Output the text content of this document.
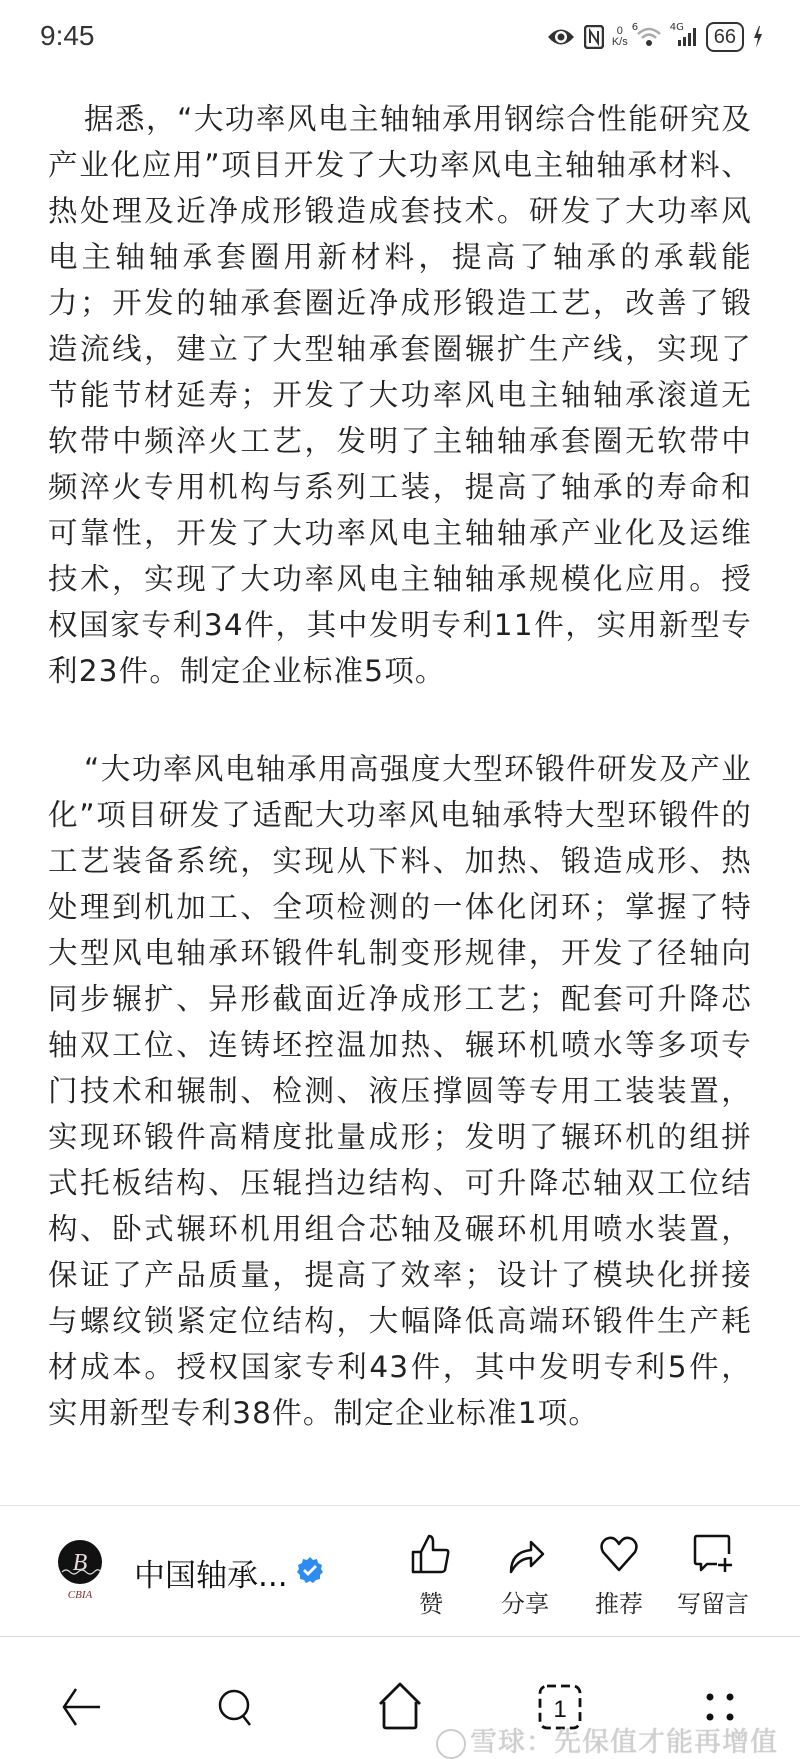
9:45	0
K/s
6	4G	66

据悉，“大功率风电主轴轴承用钢综合性能研究及产业化应用”项目开发了大功率风电主轴轴承材料、热处理及近净成形锻造成套技术。研发了大功率风电主轴轴承套圈用新材料，提高了轴承的承载能力；开发的轴承套圈近净成形锻造工艺，改善了锻造流线，建立了大型轴承套圈辗扩生产线，实现了节能节材延寿；开发了大功率风电主轴轴承滚道无软带中频淬火工艺，发明了主轴轴承套圈无软带中频淬火专用机构与系列工装，提高了轴承的寿命和可靠性，开发了大功率风电主轴轴承产业化及运维技术，实现了大功率风电主轴轴承规模化应用。授权国家专利34件，其中发明专利11件，实用新型专利23件。制定企业标准5项。

“大功率风电轴承用高强度大型环锻件研发及产业化”项目研发了适配大功率风电轴承特大型环锻件的工艺装备系统，实现从下料、加热、锻造成形、热处理到机加工、全项检测的一体化闭环；掌握了特大型风电轴承环锻件轧制变形规律，开发了径轴向同步辗扩、异形截面近净成形工艺；配套可升降芯轴双工位、连铸坯控温加热、辗环机喷水等多项专门技术和辗制、检测、液压撑圆等专用工装装置，实现环锻件高精度批量成形；发明了辗环机的组拼式托板结构、压辊挡边结构、可升降芯轴双工位结构、卧式辗环机用组合芯轴及碾环机用喷水装置，保证了产品质量，提高了效率；设计了模块化拼接与螺纹锁紧定位结构，大幅降低高端环锻件生产耗材成本。授权国家专利43件，其中发明专利5件，实用新型专利38件。制定企业标准1项。

B
CBIA
中国轴承...
赞	分享	推荐	写留言
1
雪球：先保值才能再增值
